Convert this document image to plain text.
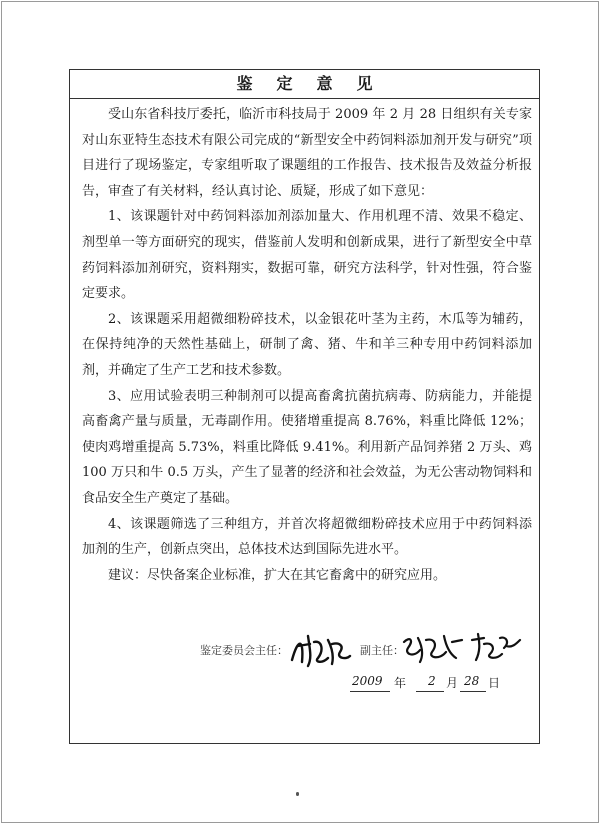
鉴定意见

受山东省科技厅委托，临沂市科技局于 2009 年 2 月 28 日组织有关专家对山东亚特生态技术有限公司完成的“新型安全中药饲料添加剂开发与研究”项目进行了现场鉴定，专家组听取了课题组的工作报告、技术报告及效益分析报告，审查了有关材料，经认真讨论、质疑，形成了如下意见：

1、该课题针对中药饲料添加剂添加量大、作用机理不清、效果不稳定、剂型单一等方面研究的现实，借鉴前人发明和创新成果，进行了新型安全中草药饲料添加剂研究，资料翔实，数据可靠，研究方法科学，针对性强，符合鉴定要求。

2、该课题采用超微细粉碎技术，以金银花叶茎为主药，木瓜等为辅药，在保持纯净的天然性基础上，研制了禽、猪、牛和羊三种专用中药饲料添加剂，并确定了生产工艺和技术参数。

3、应用试验表明三种制剂可以提高畜禽抗菌抗病毒、防病能力，并能提高畜禽产量与质量，无毒副作用。使猪增重提高 8.76%，料重比降低 12%；使肉鸡增重提高 5.73%，料重比降低 9.41%。利用新产品饲养猪 2 万头、鸡 100 万只和牛 0.5 万头，产生了显著的经济和社会效益，为无公害动物饲料和食品安全生产奠定了基础。

4、该课题筛选了三种组方，并首次将超微细粉碎技术应用于中药饲料添加剂的生产，创新点突出，总体技术达到国际先进水平。

建议：尽快备案企业标准，扩大在其它畜禽中的研究应用。

鉴定委员会主任：	副主任：
2009 年 2 月 28 日
